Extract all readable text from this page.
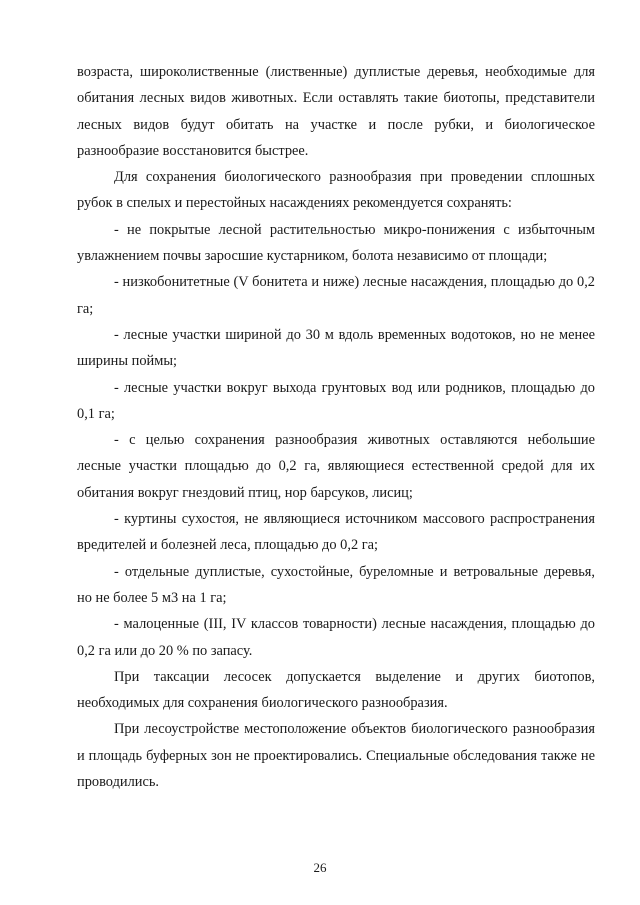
возраста, широколиственные (лиственные) дуплистые деревья, необходимые для обитания лесных видов животных. Если оставлять такие биотопы, представители лесных видов будут обитать на участке и после рубки, и биологическое разнообразие восстановится быстрее.

Для сохранения биологического разнообразия при проведении сплошных рубок в спелых и перестойных насаждениях рекомендуется сохранять:

- не покрытые лесной растительностью микро-понижения с избыточным увлажнением почвы заросшие кустарником, болота независимо от площади;

- низкобонитетные (V бонитета и ниже) лесные насаждения, площадью до 0,2 га;

- лесные участки шириной до 30 м вдоль временных водотоков, но не менее ширины поймы;

- лесные участки вокруг выхода грунтовых вод или родников, площадью до 0,1 га;

- с целью сохранения разнообразия животных оставляются небольшие лесные участки площадью до 0,2 га, являющиеся естественной средой для их обитания вокруг гнездовий птиц, нор барсуков, лисиц;

- куртины сухостоя, не являющиеся источником массового распространения вредителей и болезней леса, площадью до 0,2 га;

- отдельные дуплистые, сухостойные, буреломные и ветровальные деревья, но не более 5 м3 на 1 га;

- малоценные (III, IV классов товарности) лесные насаждения, площадью до 0,2 га или до 20 % по запасу.

При таксации лесосек допускается выделение и других биотопов, необходимых для сохранения биологического разнообразия.

При лесоустройстве местоположение объектов биологического разнообразия и площадь буферных зон не проектировались. Специальные обследования также не проводились.

26
